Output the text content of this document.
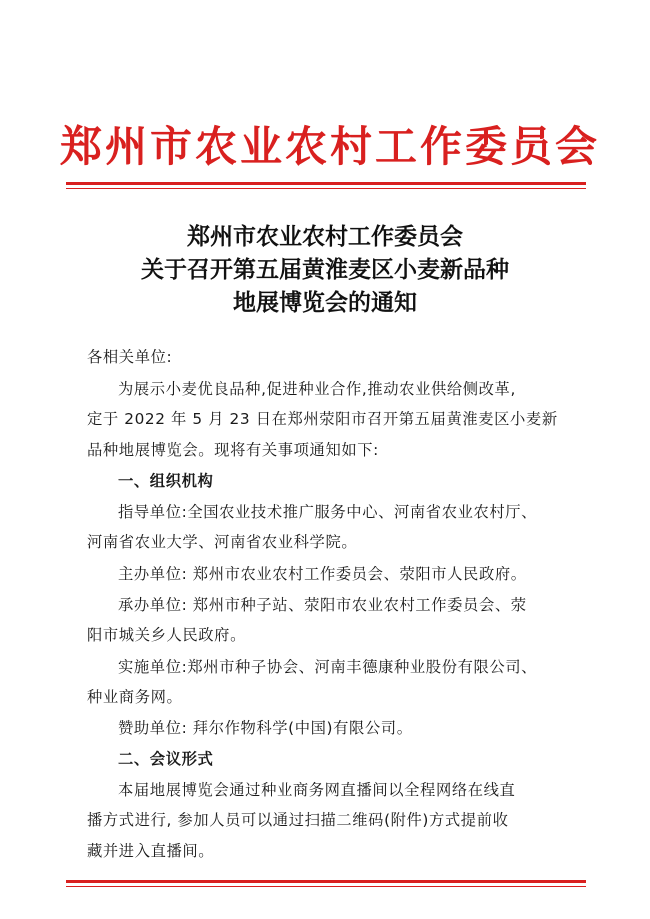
郑州市农业农村工作委员会
郑州市农业农村工作委员会
关于召开第五届黄淮麦区小麦新品种
地展博览会的通知
各相关单位:
为展示小麦优良品种,促进种业合作,推动农业供给侧改革,
定于 2022 年 5 月 23 日在郑州荥阳市召开第五届黄淮麦区小麦新
品种地展博览会。现将有关事项通知如下:
一、组织机构
指导单位:全国农业技术推广服务中心、河南省农业农村厅、
河南省农业大学、河南省农业科学院。
主办单位: 郑州市农业农村工作委员会、荥阳市人民政府。
承办单位: 郑州市种子站、荥阳市农业农村工作委员会、荥
阳市城关乡人民政府。
实施单位:郑州市种子协会、河南丰德康种业股份有限公司、
种业商务网。
赞助单位: 拜尔作物科学(中国)有限公司。
二、会议形式
本届地展博览会通过种业商务网直播间以全程网络在线直
播方式进行, 参加人员可以通过扫描二维码(附件)方式提前收
藏并进入直播间。
